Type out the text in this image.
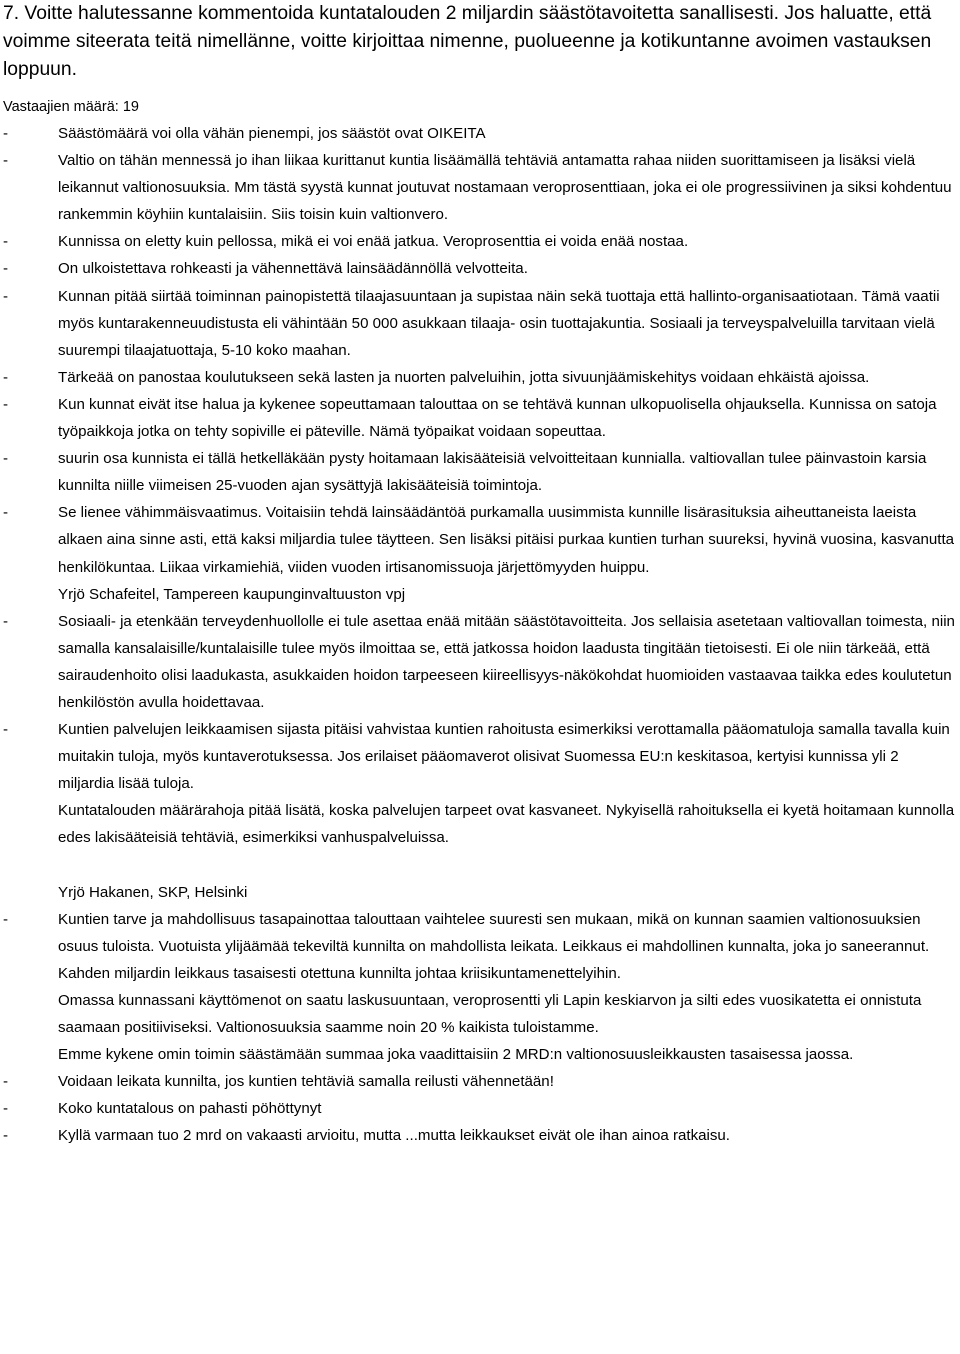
7. Voitte halutessanne kommentoida kuntatalouden 2 miljardin säästötavoitetta sanallisesti. Jos haluatte, että voimme siteerata teitä nimellänne, voitte kirjoittaa nimenne, puolueenne ja kotikuntanne avoimen vastauksen loppuun.

Vastaajien määrä: 19
-	Säästömäärä voi olla vähän pienempi, jos säästöt ovat OIKEITA
-	Valtio on tähän mennessä jo ihan liikaa kurittanut kuntia lisäämällä tehtäviä antamatta rahaa niiden suorittamiseen ja lisäksi vielä leikannut valtionosuuksia. Mm tästä syystä kunnat joutuvat nostamaan veroprosenttiaan, joka ei ole progressiivinen ja siksi kohdentuu rankemmin köyhiin kuntalaisiin. Siis toisin kuin valtionvero.
-	Kunnissa on eletty kuin pellossa, mikä ei voi enää jatkua. Veroprosenttia ei voida enää nostaa.
-	On ulkoistettava rohkeasti ja vähennettävä lainsäädännöllä velvotteita.
-	Kunnan pitää siirtää toiminnan painopistettä tilaajasuuntaan ja supistaa näin sekä tuottaja että hallinto-organisaatiotaan. Tämä vaatii myös kuntarakenneuudistusta eli vähintään 50 000 asukkaan tilaaja- osin tuottajakuntia. Sosiaali ja terveyspalveluilla tarvitaan vielä suurempi tilaajatuottaja, 5-10 koko maahan.
-	Tärkeää on panostaa koulutukseen sekä lasten ja nuorten palveluihin, jotta sivuunjäämiskehitys voidaan ehkäistä ajoissa.
-	Kun kunnat eivät itse halua ja kykenee sopeuttamaan talouttaa on se tehtävä kunnan ulkopuolisella ohjauksella. Kunnissa on satoja työpaikkoja jotka on tehty sopiville ei päteville. Nämä työpaikat voidaan sopeuttaa.
-	suurin osa kunnista ei tällä hetkelläkään pysty hoitamaan lakisääteisiä velvoitteitaan kunnialla. valtiovallan tulee päinvastoin karsia kunnilta niille viimeisen 25-vuoden ajan sysättyjä lakisääteisiä toimintoja.
-	Se lienee vähimmäisvaatimus. Voitaisiin tehdä lainsäädäntöä purkamalla uusimmista kunnille lisärasituksia aiheuttaneista laeista alkaen aina sinne asti, että kaksi miljardia tulee täytteen. Sen lisäksi pitäisi purkaa kuntien turhan suureksi, hyvinä vuosina, kasvanutta henkilökuntaa. Liikaa virkamiehiä, viiden vuoden irtisanomissuoja järjettömyyden huippu.
Yrjö Schafeitel, Tampereen kaupunginvaltuuston vpj
-	Sosiaali- ja etenkään terveydenhuollolle ei tule asettaa enää mitään säästötavoitteita. Jos sellaisia asetetaan valtiovallan toimesta, niin samalla kansalaisille/kuntalaisille tulee myös ilmoittaa se, että jatkossa hoidon laadusta tingitään tietoisesti. Ei ole niin tärkeää, että sairaudenhoito olisi laadukasta, asukkaiden hoidon tarpeeseen kiireellisyys-näkökohdat huomioiden vastaavaa taikka edes koulutetun henkilöstön avulla hoidettavaa.
-	Kuntien palvelujen leikkaamisen sijasta pitäisi vahvistaa kuntien rahoitusta esimerkiksi verottamalla pääomatuloja samalla tavalla kuin muitakin tuloja, myös kuntaverotuksessa. Jos erilaiset pääomaverot olisivat Suomessa EU:n keskitasoa, kertyisi kunnissa yli 2 miljardia lisää tuloja.
Kuntatalouden määrärahoja pitää lisätä, koska palvelujen tarpeet ovat kasvaneet. Nykyisellä rahoituksella ei kyetä hoitamaan kunnolla edes lakisääteisiä tehtäviä, esimerkiksi vanhuspalveluissa.
Yrjö Hakanen, SKP, Helsinki
-	Kuntien tarve ja mahdollisuus tasapainottaa talouttaan vaihtelee suuresti sen mukaan, mikä on kunnan saamien valtionosuuksien osuus tuloista. Vuotuista ylijäämää tekeviltä kunnilta on mahdollista leikata. Leikkaus ei mahdollinen kunnalta, joka jo saneerannut. Kahden miljardin leikkaus tasaisesti otettuna kunnilta johtaa kriisikuntamenettelyihin.
Omassa kunnassani käyttömenot on saatu laskusuuntaan, veroprosentti yli Lapin keskiarvon ja silti edes vuosikatetta ei onnistuta saamaan positiiviseksi. Valtionosuuksia saamme noin 20 % kaikista tuloistamme.
Emme kykene omin toimin säästämään summaa joka vaadittaisiin 2 MRD:n valtionosuusleikkausten tasaisessa jaossa.
-	Voidaan leikata kunnilta, jos kuntien tehtäviä samalla reilusti vähennetään!
-	Koko kuntatalous on pahasti pöhöttynyt
-	Kyllä varmaan tuo 2 mrd on vakaasti arvioitu, mutta ...mutta leikkaukset eivät ole ihan ainoa ratkaisu.
